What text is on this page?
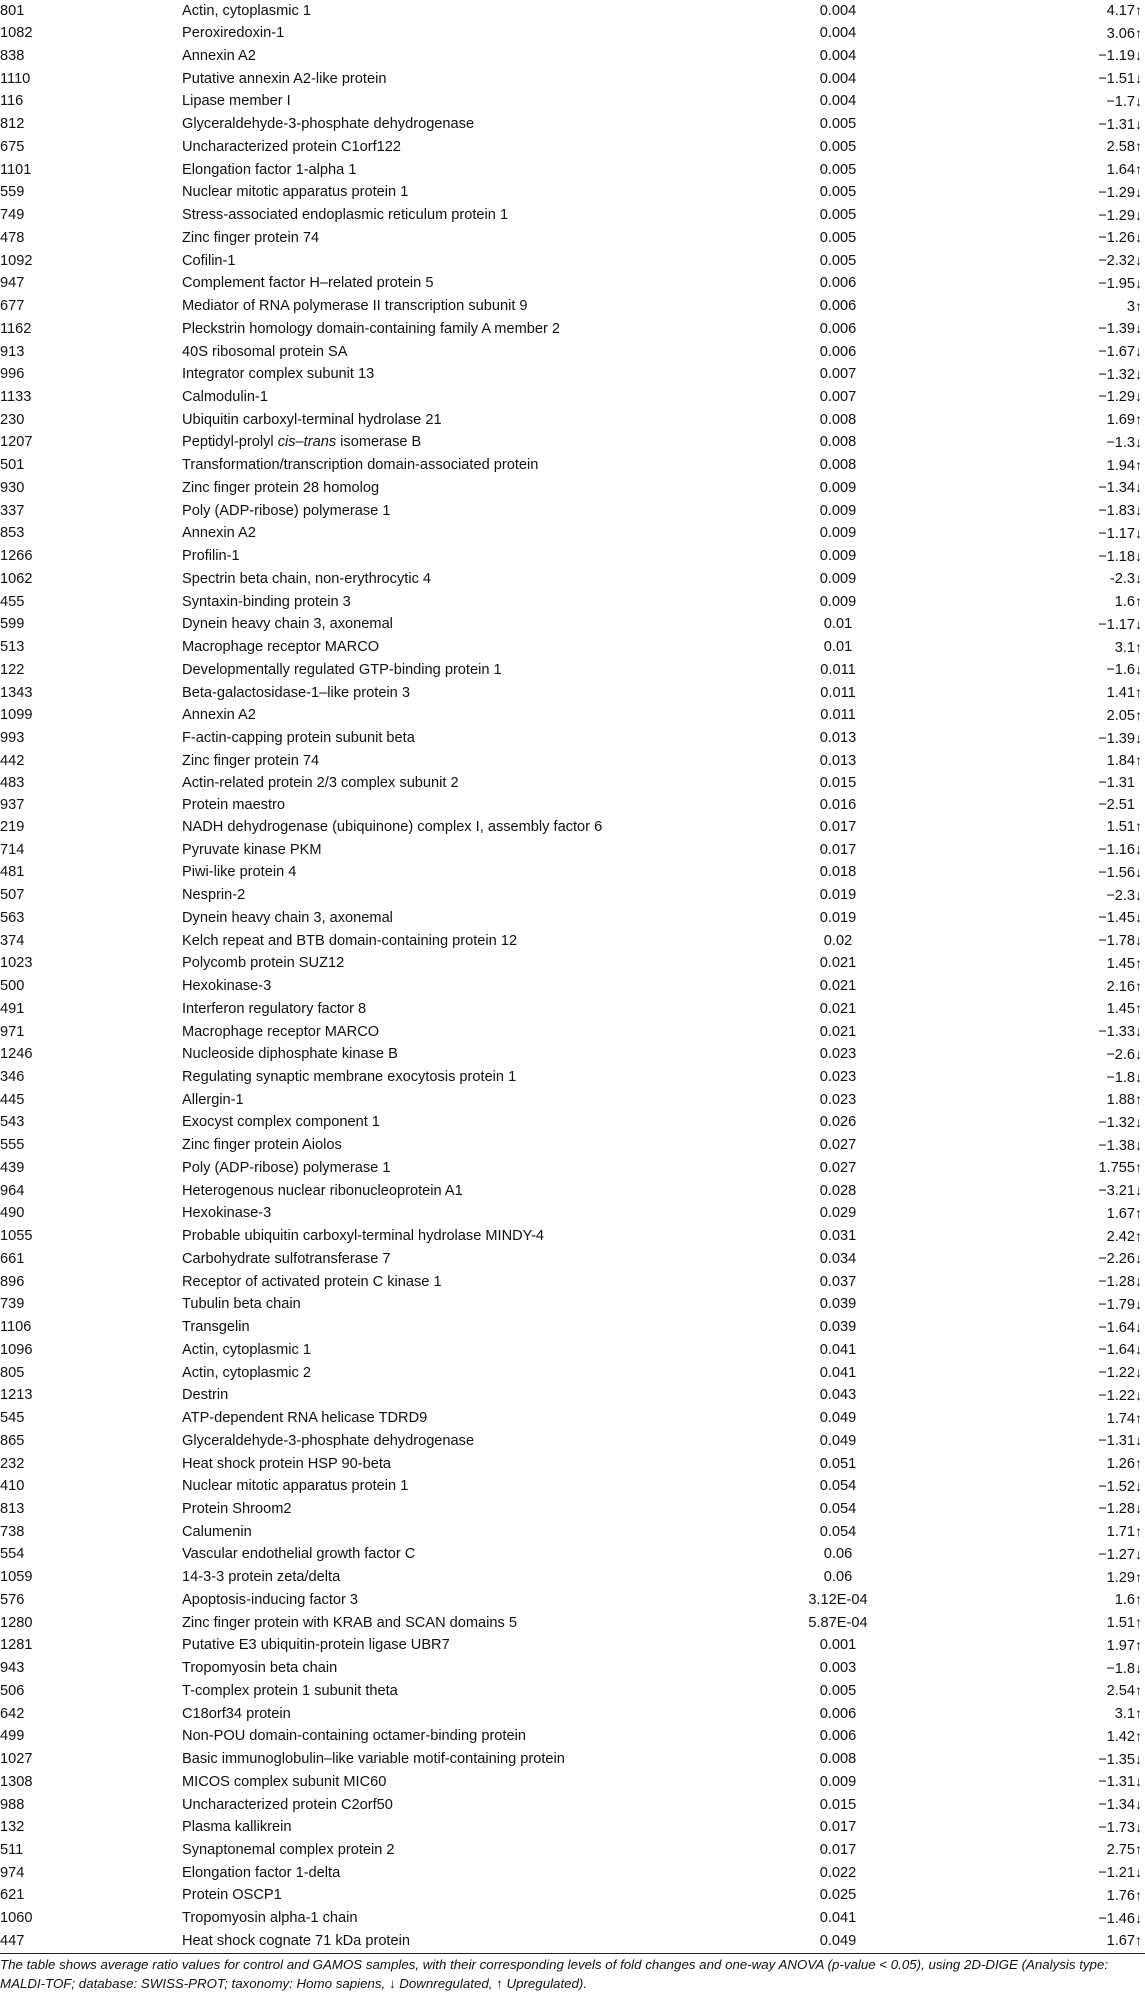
801	Actin, cytoplasmic 1	0.004	4.17↑
1082	Peroxiredoxin-1	0.004	3.06↑
838	Annexin A2	0.004	−1.19↓
1110	Putative annexin A2-like protein	0.004	−1.51↓
116	Lipase member I	0.004	−1.7↓
812	Glyceraldehyde-3-phosphate dehydrogenase	0.005	−1.31↓
675	Uncharacterized protein C1orf122	0.005	2.58↑
1101	Elongation factor 1-alpha 1	0.005	1.64↑
559	Nuclear mitotic apparatus protein 1	0.005	−1.29↓
749	Stress-associated endoplasmic reticulum protein 1	0.005	−1.29↓
478	Zinc finger protein 74	0.005	−1.26↓
1092	Cofilin-1	0.005	−2.32↓
947	Complement factor H–related protein 5	0.006	−1.95↓
677	Mediator of RNA polymerase II transcription subunit 9	0.006	3↑
1162	Pleckstrin homology domain-containing family A member 2	0.006	−1.39↓
913	40S ribosomal protein SA	0.006	−1.67↓
996	Integrator complex subunit 13	0.007	−1.32↓
1133	Calmodulin-1	0.007	−1.29↓
230	Ubiquitin carboxyl-terminal hydrolase 21	0.008	1.69↑
1207	Peptidyl-prolyl cis–trans isomerase B	0.008	−1.3↓
501	Transformation/transcription domain-associated protein	0.008	1.94↑
930	Zinc finger protein 28 homolog	0.009	−1.34↓
337	Poly (ADP-ribose) polymerase 1	0.009	−1.83↓
853	Annexin A2	0.009	−1.17↓
1266	Profilin-1	0.009	−1.18↓
1062	Spectrin beta chain, non-erythrocytic 4	0.009	-2.3↓
455	Syntaxin-binding protein 3	0.009	1.6↑
599	Dynein heavy chain 3, axonemal	0.01	−1.17↓
513	Macrophage receptor MARCO	0.01	3.1↑
122	Developmentally regulated GTP-binding protein 1	0.011	−1.6↓
1343	Beta-galactosidase-1–like protein 3	0.011	1.41↑
1099	Annexin A2	0.011	2.05↑
993	F-actin-capping protein subunit beta	0.013	−1.39↓
442	Zinc finger protein 74	0.013	1.84↑
483	Actin-related protein 2/3 complex subunit 2	0.015	−1.31
937	Protein maestro	0.016	−2.51
219	NADH dehydrogenase (ubiquinone) complex I, assembly factor 6	0.017	1.51↑
714	Pyruvate kinase PKM	0.017	−1.16↓
481	Piwi-like protein 4	0.018	−1.56↓
507	Nesprin-2	0.019	−2.3↓
563	Dynein heavy chain 3, axonemal	0.019	−1.45↓
374	Kelch repeat and BTB domain-containing protein 12	0.02	−1.78↓
1023	Polycomb protein SUZ12	0.021	1.45↑
500	Hexokinase-3	0.021	2.16↑
491	Interferon regulatory factor 8	0.021	1.45↑
971	Macrophage receptor MARCO	0.021	−1.33↓
1246	Nucleoside diphosphate kinase B	0.023	−2.6↓
346	Regulating synaptic membrane exocytosis protein 1	0.023	−1.8↓
445	Allergin-1	0.023	1.88↑
543	Exocyst complex component 1	0.026	−1.32↓
555	Zinc finger protein Aiolos	0.027	−1.38↓
439	Poly (ADP-ribose) polymerase 1	0.027	1.755↑
964	Heterogenous nuclear ribonucleoprotein A1	0.028	−3.21↓
490	Hexokinase-3	0.029	1.67↑
1055	Probable ubiquitin carboxyl-terminal hydrolase MINDY-4	0.031	2.42↑
661	Carbohydrate sulfotransferase 7	0.034	−2.26↓
896	Receptor of activated protein C kinase 1	0.037	−1.28↓
739	Tubulin beta chain	0.039	−1.79↓
1106	Transgelin	0.039	−1.64↓
1096	Actin, cytoplasmic 1	0.041	−1.64↓
805	Actin, cytoplasmic 2	0.041	−1.22↓
1213	Destrin	0.043	−1.22↓
545	ATP-dependent RNA helicase TDRD9	0.049	1.74↑
865	Glyceraldehyde-3-phosphate dehydrogenase	0.049	−1.31↓
232	Heat shock protein HSP 90-beta	0.051	1.26↑
410	Nuclear mitotic apparatus protein 1	0.054	−1.52↓
813	Protein Shroom2	0.054	−1.28↓
738	Calumenin	0.054	1.71↑
554	Vascular endothelial growth factor C	0.06	−1.27↓
1059	14-3-3 protein zeta/delta	0.06	1.29↑
576	Apoptosis-inducing factor 3	3.12E-04	1.6↑
1280	Zinc finger protein with KRAB and SCAN domains 5	5.87E-04	1.51↑
1281	Putative E3 ubiquitin-protein ligase UBR7	0.001	1.97↑
943	Tropomyosin beta chain	0.003	−1.8↓
506	T-complex protein 1 subunit theta	0.005	2.54↑
642	C18orf34 protein	0.006	3.1↑
499	Non-POU domain-containing octamer-binding protein	0.006	1.42↑
1027	Basic immunoglobulin–like variable motif-containing protein	0.008	−1.35↓
1308	MICOS complex subunit MIC60	0.009	−1.31↓
988	Uncharacterized protein C2orf50	0.015	−1.34↓
132	Plasma kallikrein	0.017	−1.73↓
511	Synaptonemal complex protein 2	0.017	2.75↑
974	Elongation factor 1-delta	0.022	−1.21↓
621	Protein OSCP1	0.025	1.76↑
1060	Tropomyosin alpha-1 chain	0.041	−1.46↓
447	Heat shock cognate 71 kDa protein	0.049	1.67↑

The table shows average ratio values for control and GAMOS samples, with their corresponding levels of fold changes and one-way ANOVA (p-value < 0.05), using 2D-DIGE (Analysis type: MALDI-TOF; database: SWISS-PROT; taxonomy: Homo sapiens, ↓ Downregulated, ↑ Upregulated).
